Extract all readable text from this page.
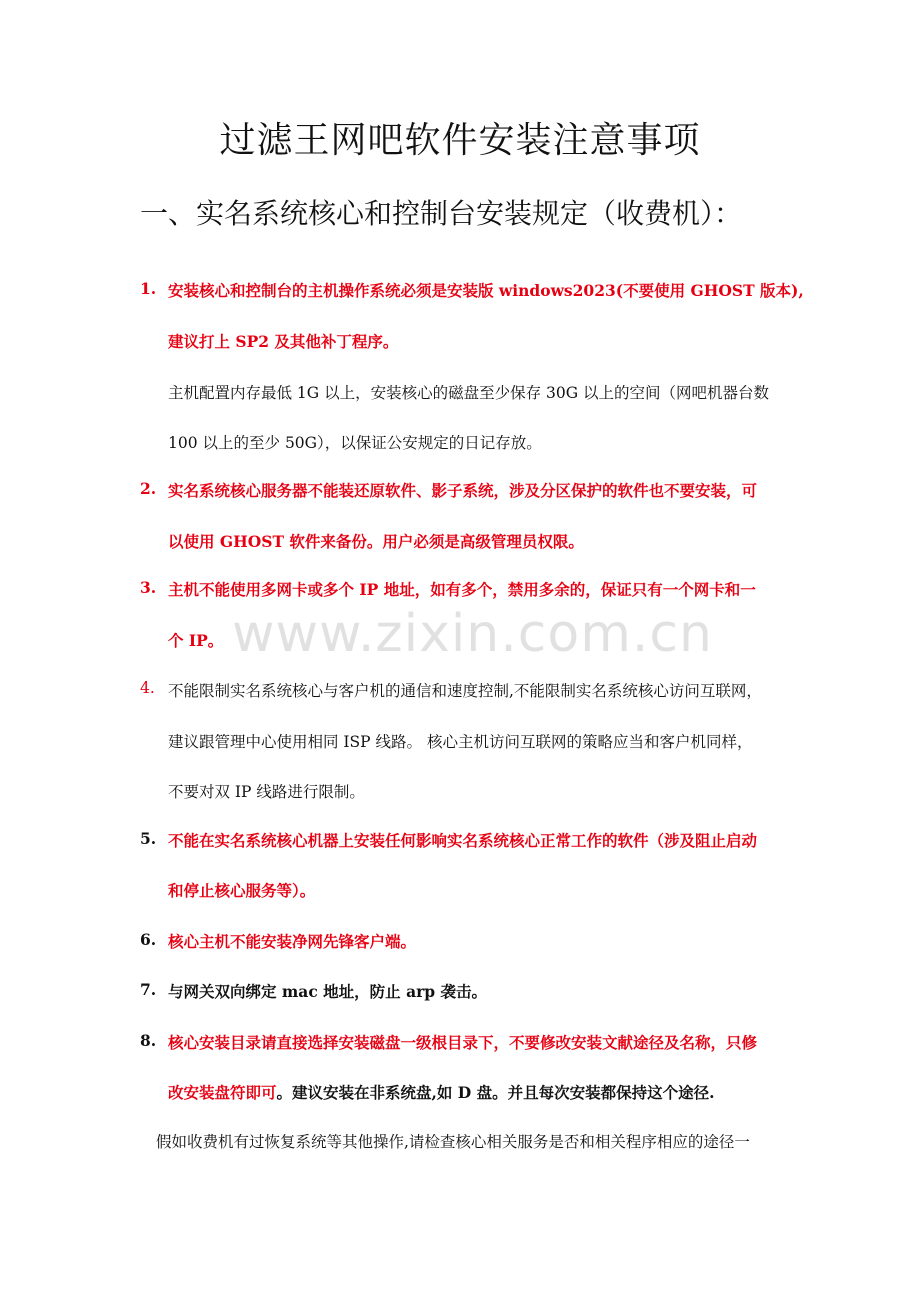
过滤王网吧软件安装注意事项
一、实名系统核心和控制台安装规定（收费机）：
1. 安装核心和控制台的主机操作系统必须是安装版 windows2023(不要使用 GHOST 版本),
建议打上 SP2 及其他补丁程序。
主机配置内存最低 1G 以上，安装核心的磁盘至少保存 30G 以上的空间（网吧机器台数
100 以上的至少 50G），以保证公安规定的日记存放。
2. 实名系统核心服务器不能装还原软件、影子系统，涉及分区保护的软件也不要安装，可
以使用 GHOST 软件来备份。用户必须是高级管理员权限。
3. 主机不能使用多网卡或多个 IP 地址，如有多个，禁用多余的，保证只有一个网卡和一
个 IP。
4. 不能限制实名系统核心与客户机的通信和速度控制,不能限制实名系统核心访问互联网，
建议跟管理中心使用相同 ISP 线路。 核心主机访问互联网的策略应当和客户机同样，
不要对双 IP 线路进行限制。
5. 不能在实名系统核心机器上安装任何影响实名系统核心正常工作的软件（涉及阻止启动
和停止核心服务等）。
6. 核心主机不能安装净网先锋客户端。
7. 与网关双向绑定 mac 地址，防止 arp 袭击。
8. 核心安装目录请直接选择安装磁盘一级根目录下，不要修改安装文献途径及名称，只修
改安装盘符即可。建议安装在非系统盘,如 D 盘。并且每次安装都保持这个途径.
假如收费机有过恢复系统等其他操作,请检查核心相关服务是否和相关程序相应的途径一
www.zixin.com.cn
